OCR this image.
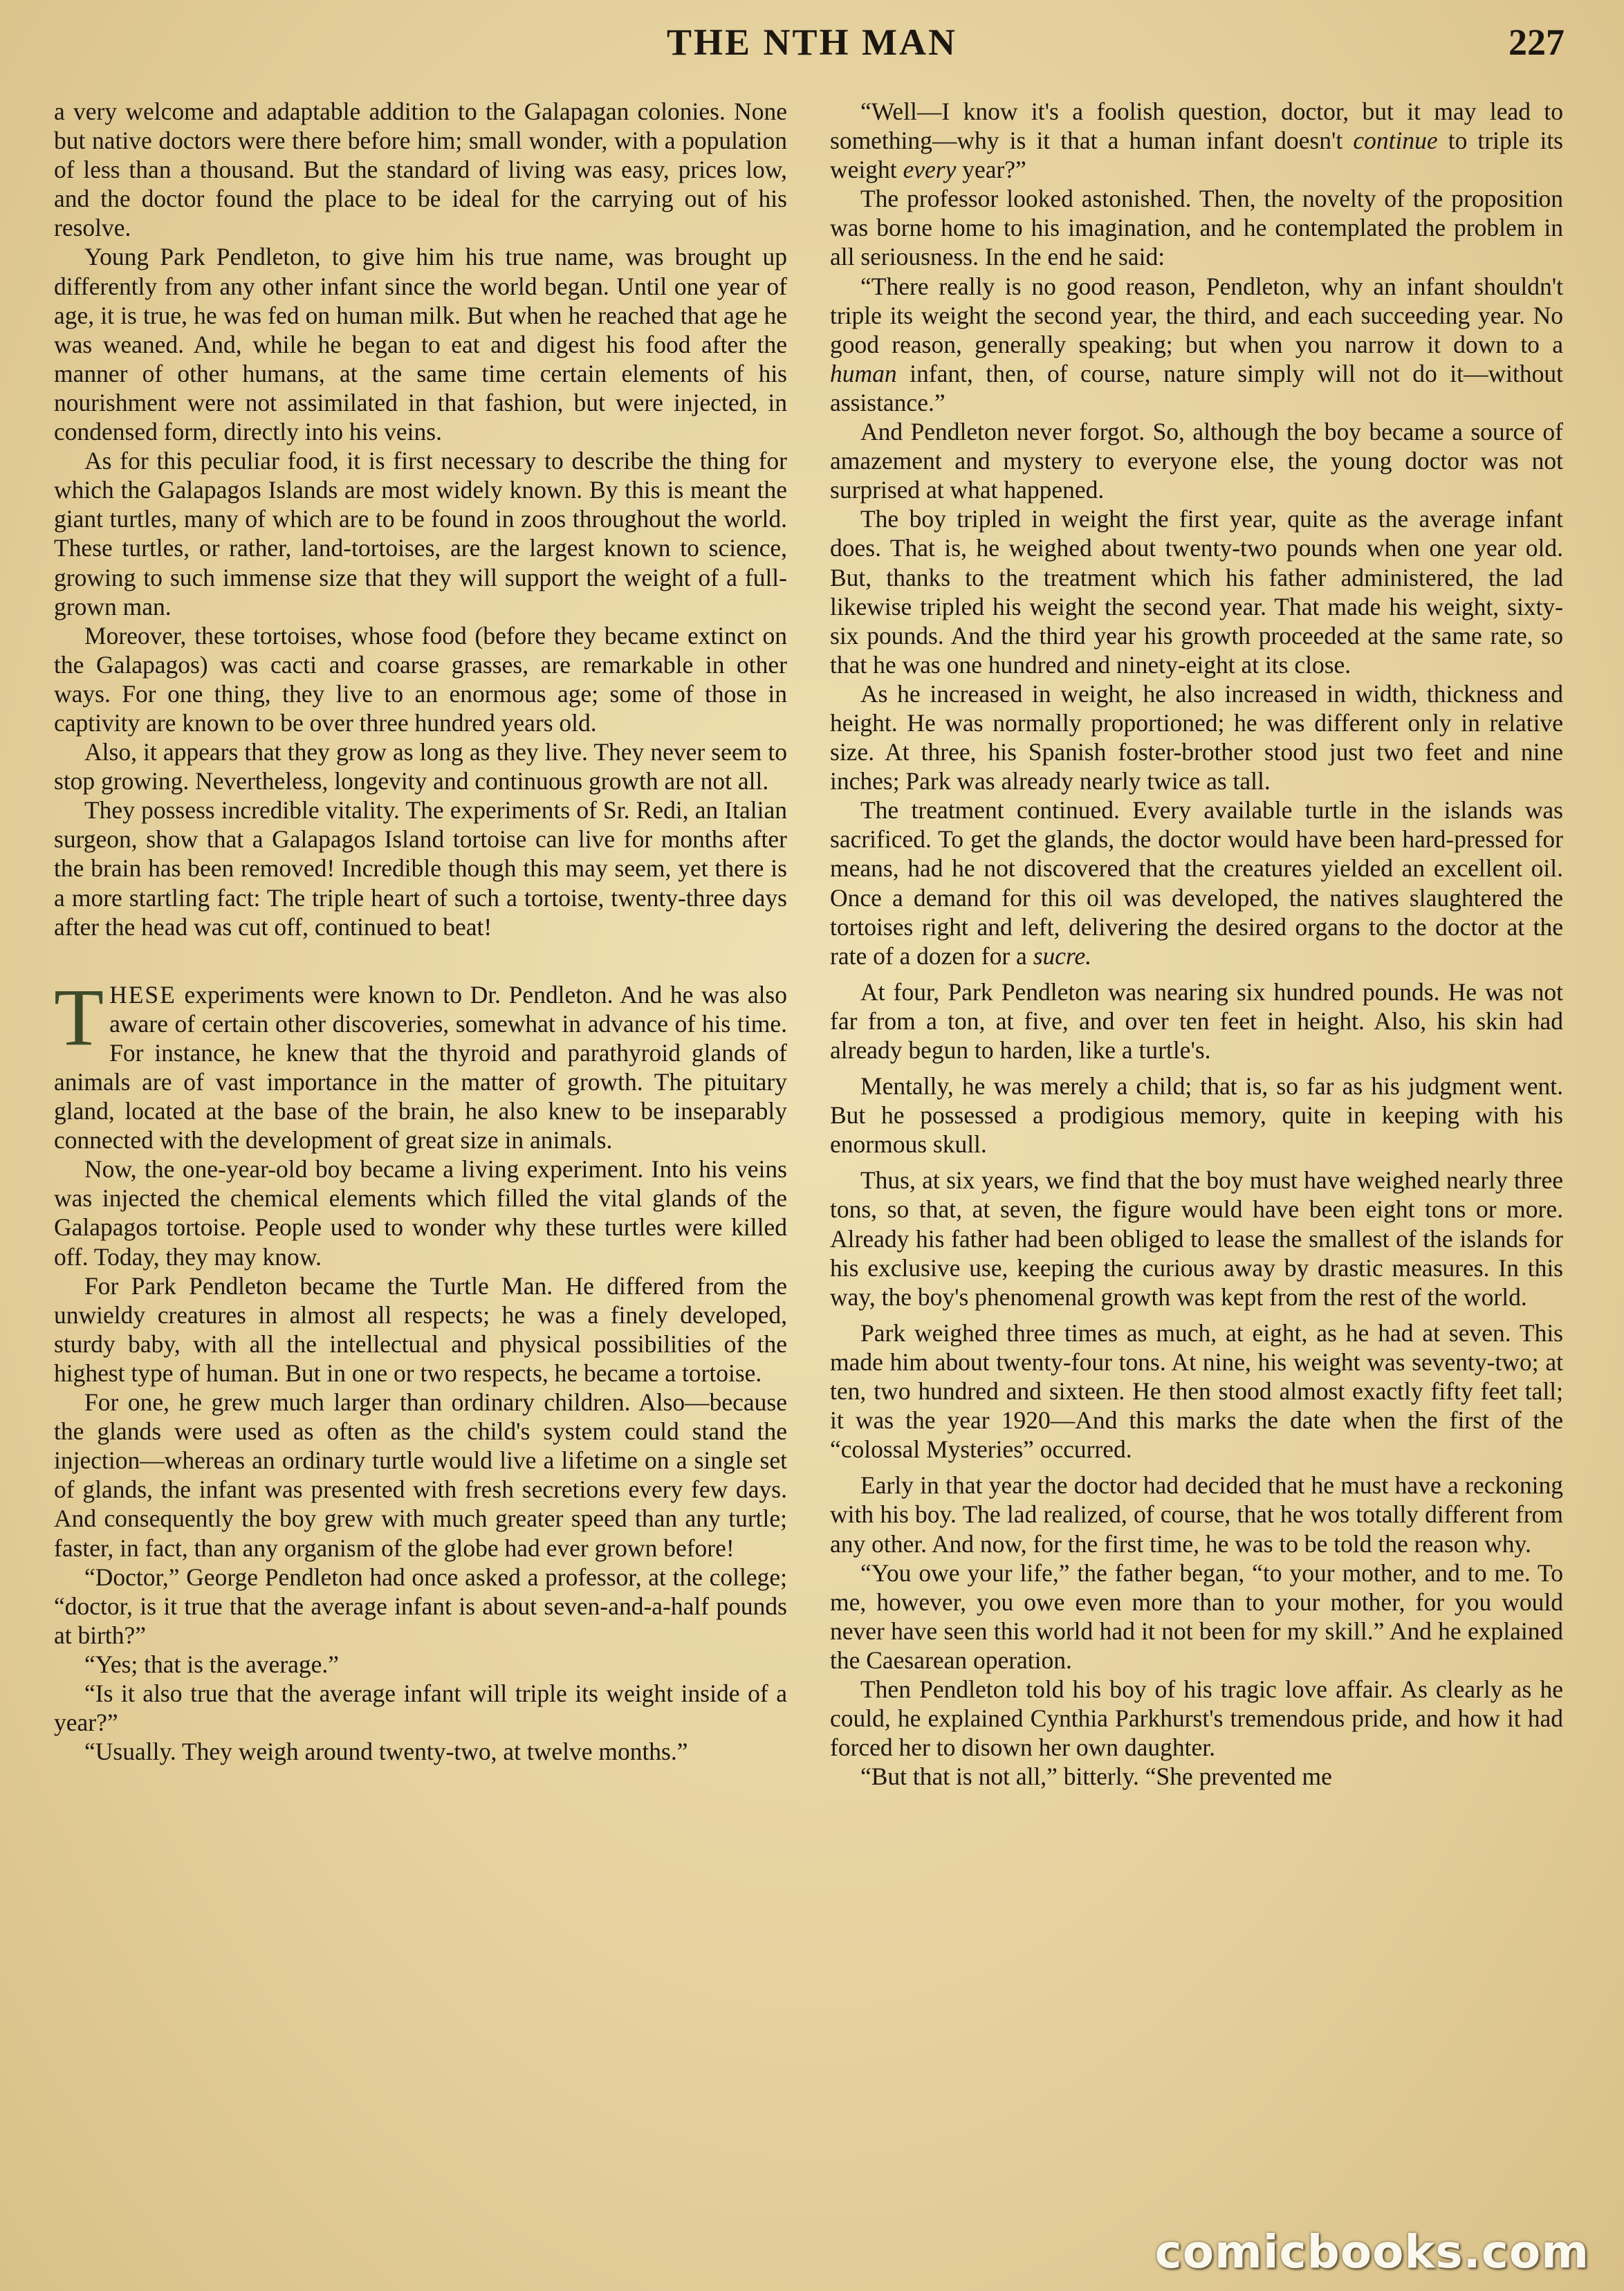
THE NTH MAN	227

a very welcome and adaptable addition to the Galapagan colonies. None but native doctors were there before him; small wonder, with a population of less than a thousand. But the standard of living was easy, prices low, and the doctor found the place to be ideal for the carrying out of his resolve.

Young Park Pendleton, to give him his true name, was brought up differently from any other infant since the world began. Until one year of age, it is true, he was fed on human milk. But when he reached that age he was weaned. And, while he began to eat and digest his food after the manner of other humans, at the same time certain elements of his nourishment were not assimilated in that fashion, but were injected, in condensed form, directly into his veins.

As for this peculiar food, it is first necessary to describe the thing for which the Galapagos Islands are most widely known. By this is meant the giant turtles, many of which are to be found in zoos throughout the world. These turtles, or rather, land-tortoises, are the largest known to science, growing to such immense size that they will support the weight of a full-grown man.

Moreover, these tortoises, whose food (before they became extinct on the Galapagos) was cacti and coarse grasses, are remarkable in other ways. For one thing, they live to an enormous age; some of those in captivity are known to be over three hundred years old.

Also, it appears that they grow as long as they live. They never seem to stop growing. Nevertheless, longevity and continuous growth are not all.

They possess incredible vitality. The experiments of Sr. Redi, an Italian surgeon, show that a Galapagos Island tortoise can live for months after the brain has been removed! Incredible though this may seem, yet there is a more startling fact: The triple heart of such a tortoise, twenty-three days after the head was cut off, continued to beat!

THESE experiments were known to Dr. Pendleton. And he was also aware of certain other discoveries, somewhat in advance of his time. For instance, he knew that the thyroid and parathyroid glands of animals are of vast importance in the matter of growth. The pituitary gland, located at the base of the brain, he also knew to be inseparably connected with the development of great size in animals.

Now, the one-year-old boy became a living experiment. Into his veins was injected the chemical elements which filled the vital glands of the Galapagos tortoise. People used to wonder why these turtles were killed off. Today, they may know.

For Park Pendleton became the Turtle Man. He differed from the unwieldy creatures in almost all respects; he was a finely developed, sturdy baby, with all the intellectual and physical possibilities of the highest type of human. But in one or two respects, he became a tortoise.

For one, he grew much larger than ordinary children. Also—because the glands were used as often as the child's system could stand the injection—whereas an ordinary turtle would live a lifetime on a single set of glands, the infant was presented with fresh secretions every few days. And consequently the boy grew with much greater speed than any turtle; faster, in fact, than any organism of the globe had ever grown before!

“Doctor,” George Pendleton had once asked a professor, at the college; “doctor, is it true that the average infant is about seven-and-a-half pounds at birth?”

“Yes; that is the average.”

“Is it also true that the average infant will triple its weight inside of a year?”

“Usually. They weigh around twenty-two, at twelve months.”

“Well—I know it's a foolish question, doctor, but it may lead to something—why is it that a human infant doesn't continue to triple its weight every year?”

The professor looked astonished. Then, the novelty of the proposition was borne home to his imagination, and he contemplated the problem in all seriousness. In the end he said:

“There really is no good reason, Pendleton, why an infant shouldn't triple its weight the second year, the third, and each succeeding year. No good reason, generally speaking; but when you narrow it down to a human infant, then, of course, nature simply will not do it—without assistance.”

And Pendleton never forgot. So, although the boy became a source of amazement and mystery to everyone else, the young doctor was not surprised at what happened.

The boy tripled in weight the first year, quite as the average infant does. That is, he weighed about twenty-two pounds when one year old. But, thanks to the treatment which his father administered, the lad likewise tripled his weight the second year. That made his weight, sixty-six pounds. And the third year his growth proceeded at the same rate, so that he was one hundred and ninety-eight at its close.

As he increased in weight, he also increased in width, thickness and height. He was normally proportioned; he was different only in relative size. At three, his Spanish foster-brother stood just two feet and nine inches; Park was already nearly twice as tall.

The treatment continued. Every available turtle in the islands was sacrificed. To get the glands, the doctor would have been hard-pressed for means, had he not discovered that the creatures yielded an excellent oil. Once a demand for this oil was developed, the natives slaughtered the tortoises right and left, delivering the desired organs to the doctor at the rate of a dozen for a sucre.

At four, Park Pendleton was nearing six hundred pounds. He was not far from a ton, at five, and over ten feet in height. Also, his skin had already begun to harden, like a turtle's.

Mentally, he was merely a child; that is, so far as his judgment went. But he possessed a prodigious memory, quite in keeping with his enormous skull.

Thus, at six years, we find that the boy must have weighed nearly three tons, so that, at seven, the figure would have been eight tons or more. Already his father had been obliged to lease the smallest of the islands for his exclusive use, keeping the curious away by drastic measures. In this way, the boy's phenomenal growth was kept from the rest of the world.

Park weighed three times as much, at eight, as he had at seven. This made him about twenty-four tons. At nine, his weight was seventy-two; at ten, two hundred and sixteen. He then stood almost exactly fifty feet tall; it was the year 1920—And this marks the date when the first of the “colossal Mysteries” occurred.

Early in that year the doctor had decided that he must have a reckoning with his boy. The lad realized, of course, that he wos totally different from any other. And now, for the first time, he was to be told the reason why.

“You owe your life,” the father began, “to your mother, and to me. To me, however, you owe even more than to your mother, for you would never have seen this world had it not been for my skill.” And he explained the Caesarean operation.

Then Pendleton told his boy of his tragic love affair. As clearly as he could, he explained Cynthia Parkhurst's tremendous pride, and how it had forced her to disown her own daughter.

“But that is not all,” bitterly. “She prevented me

comicbooks.com
